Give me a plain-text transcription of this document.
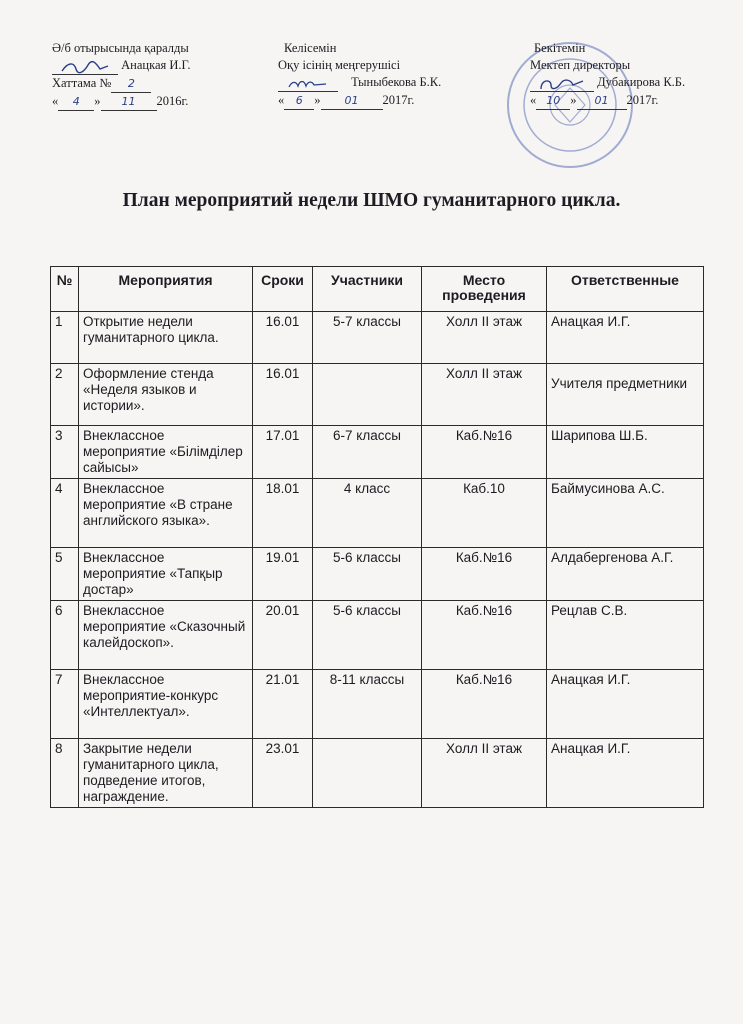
Ә/б отырысында қаралды
Анацкая И.Г.
Хаттама № 2
« 4 » 11 2016г.
Келісемін
Оқу ісінің меңгерушісі
Тыныбекова Б.К.
« 6 » 01 2017г.
Бекітемін
Мектеп директоры
Дубакирова К.Б.
« 10 » 01 2017г.
План мероприятий недели ШМО гуманитарного цикла.
№	Мероприятия	Сроки	Участники	Место проведения	Ответственные
1	Открытие недели гуманитарного цикла.	16.01	5-7 классы	Холл II этаж	Анацкая И.Г.
2	Оформление стенда «Неделя языков и истории».	16.01		Холл II этаж	Учителя предметники
3	Внеклассное мероприятие «Білімділер сайысы»	17.01	6-7 классы	Каб.№16	Шарипова Ш.Б.
4	Внеклассное мероприятие «В стране английского языка».	18.01	4 класс	Каб.10	Баймусинова А.С.
5	Внеклассное мероприятие «Тапқыр достар»	19.01	5-6 классы	Каб.№16	Алдабергенова А.Г.
6	Внеклассное мероприятие «Сказочный калейдоскоп».	20.01	5-6 классы	Каб.№16	Рецлав С.В.
7	Внеклассное мероприятие-конкурс «Интеллектуал».	21.01	8-11 классы	Каб.№16	Анацкая И.Г.
8	Закрытие недели гуманитарного цикла, подведение итогов, награждение.	23.01		Холл II этаж	Анацкая И.Г.
